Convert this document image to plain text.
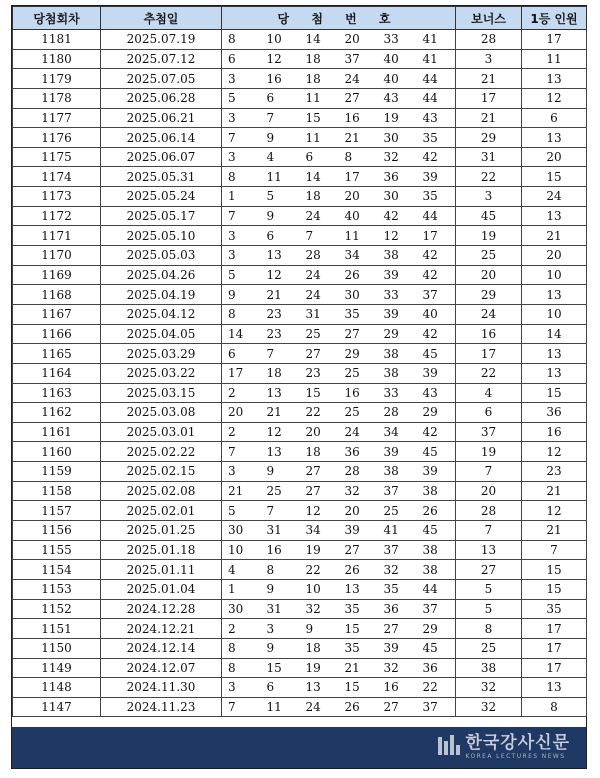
당첨회차	추첨일	당 첨 번 호						보너스	1등 인원
1181	2025.07.19	8	10	14	20	33	41	28	17
1180	2025.07.12	6	12	18	37	40	41	3	11
1179	2025.07.05	3	16	18	24	40	44	21	13
1178	2025.06.28	5	6	11	27	43	44	17	12
1177	2025.06.21	3	7	15	16	19	43	21	6
1176	2025.06.14	7	9	11	21	30	35	29	13
1175	2025.06.07	3	4	6	8	32	42	31	20
1174	2025.05.31	8	11	14	17	36	39	22	15
1173	2025.05.24	1	5	18	20	30	35	3	24
1172	2025.05.17	7	9	24	40	42	44	45	13
1171	2025.05.10	3	6	7	11	12	17	19	21
1170	2025.05.03	3	13	28	34	38	42	25	20
1169	2025.04.26	5	12	24	26	39	42	20	10
1168	2025.04.19	9	21	24	30	33	37	29	13
1167	2025.04.12	8	23	31	35	39	40	24	10
1166	2025.04.05	14	23	25	27	29	42	16	14
1165	2025.03.29	6	7	27	29	38	45	17	13
1164	2025.03.22	17	18	23	25	38	39	22	13
1163	2025.03.15	2	13	15	16	33	43	4	15
1162	2025.03.08	20	21	22	25	28	29	6	36
1161	2025.03.01	2	12	20	24	34	42	37	16
1160	2025.02.22	7	13	18	36	39	45	19	12
1159	2025.02.15	3	9	27	28	38	39	7	23
1158	2025.02.08	21	25	27	32	37	38	20	21
1157	2025.02.01	5	7	12	20	25	26	28	12
1156	2025.01.25	30	31	34	39	41	45	7	21
1155	2025.01.18	10	16	19	27	37	38	13	7
1154	2025.01.11	4	8	22	26	32	38	27	15
1153	2025.01.04	1	9	10	13	35	44	5	15
1152	2024.12.28	30	31	32	35	36	37	5	35
1151	2024.12.21	2	3	9	15	27	29	8	17
1150	2024.12.14	8	9	18	35	39	45	25	17
1149	2024.12.07	8	15	19	21	32	36	38	17
1148	2024.11.30	3	6	13	15	16	22	32	13
1147	2024.11.23	7	11	24	26	27	37	32	8
한국강사신문
KOREA LECTURES NEWS
